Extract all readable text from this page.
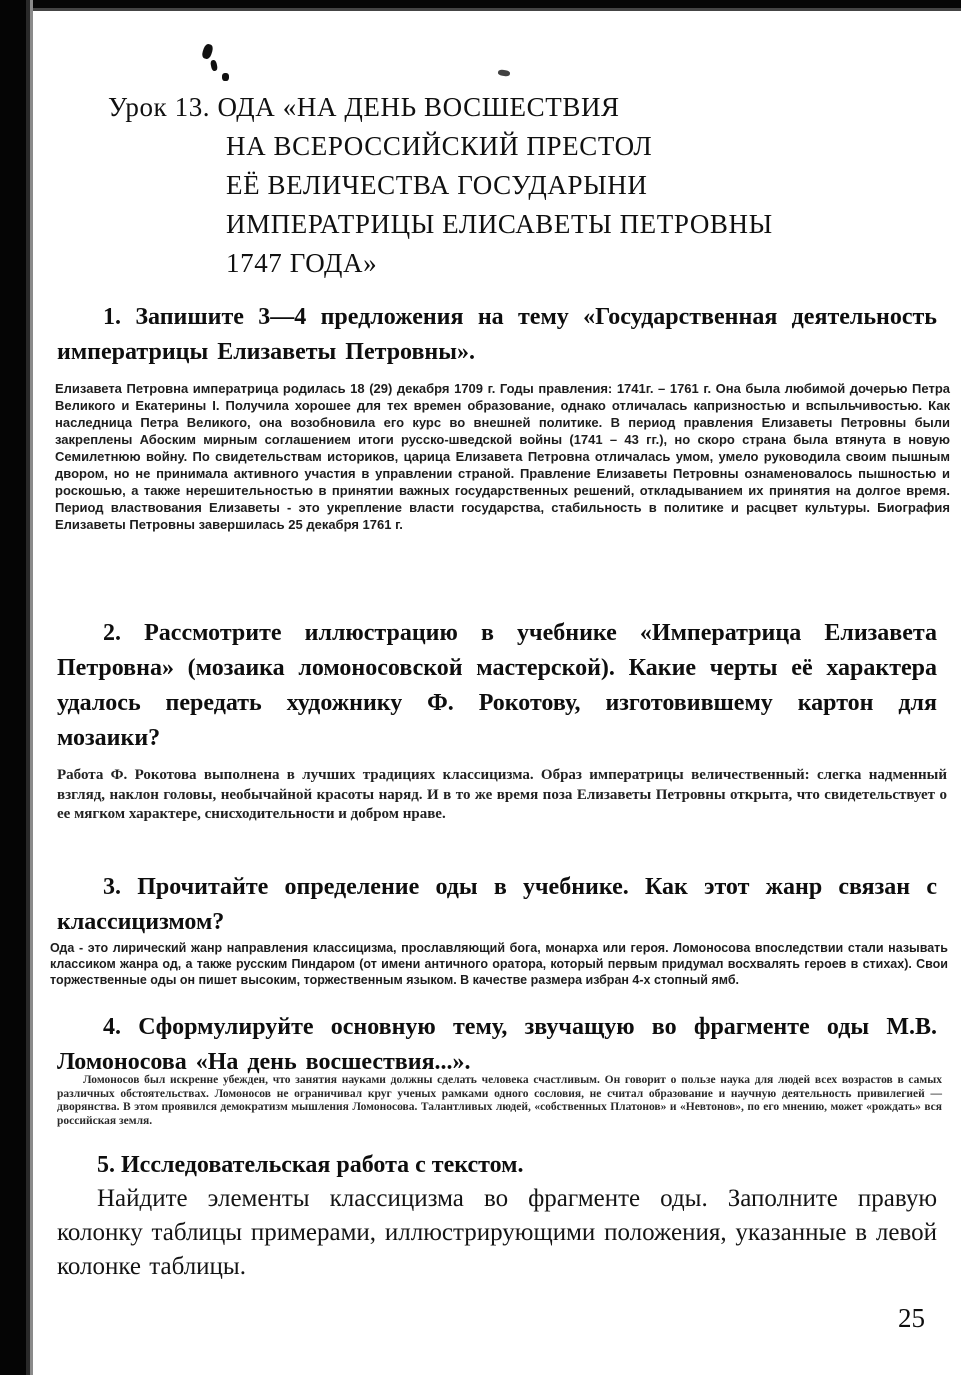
Урок 13. ОДА «НА ДЕНЬ ВОСШЕСТВИЯ
НА ВСЕРОССИЙСКИЙ ПРЕСТОЛ
ЕЁ ВЕЛИЧЕСТВА ГОСУДАРЫНИ
ИМПЕРАТРИЦЫ ЕЛИСАВЕТЫ ПЕТРОВНЫ
1747 ГОДА»

1. Запишите 3—4 предложения на тему «Государственная деятельность императрицы Елизаветы Петровны».

Елизавета Петровна императрица родилась 18 (29) декабря 1709 г. Годы правления: 1741г. – 1761 г. Она была любимой дочерью Петра Великого и Екатерины I. Получила хорошее для тех времен образование, однако отличалась капризностью и вспыльчивостью. Как наследница Петра Великого, она возобновила его курс во внешней политике. В период правления Елизаветы Петровны были закреплены Абоским мирным соглашением итоги русско-шведской войны (1741 – 43 гг.), но скоро страна была втянута в новую Семилетнюю войну. По свидетельствам историков, царица Елизавета Петровна отличалась умом, умело руководила своим пышным двором, но не принимала активного участия в управлении страной. Правление Елизаветы Петровны ознаменовалось пышностью и роскошью, а также нерешительностью в принятии важных государственных решений, откладыванием их принятия на долгое время. Период властвования Елизаветы - это укрепление власти государства, стабильность в политике и расцвет культуры. Биография Елизаветы Петровны завершилась 25 декабря 1761 г.

2. Рассмотрите иллюстрацию в учебнике «Императрица Елизавета Петровна» (мозаика ломоносовской мастерской). Какие черты её характера удалось передать художнику Ф. Рокотову, изготовившему картон для мозаики?

Работа Ф. Рокотова выполнена в лучших традициях классицизма. Образ императрицы величественный: слегка надменный взгляд, наклон головы, необычайной красоты наряд. И в то же время поза Елизаветы Петровны открыта, что свидетельствует о ее мягком характере, снисходительности и добром нраве.

3. Прочитайте определение оды в учебнике. Как этот жанр связан с классицизмом?

Ода - это лирический жанр направления классицизма, прославляющий бога, монарха или героя. Ломоносова впоследствии стали называть классиком жанра од, а также русским Пиндаром (от имени античного оратора, который первым придумал восхвалять героев в стихах). Свои торжественные оды он пишет высоким, торжественным языком. В качестве размера избран 4-х стопный ямб.

4. Сформулируйте основную тему, звучащую во фрагменте оды М.В. Ломоносова «На день восшествия...».

Ломоносов был искренне убежден, что занятия науками должны сделать человека счастливым. Он говорит о пользе наука для людей всех возрастов в самых различных обстоятельствах. Ломоносов не ограничивал круг ученых рамками одного сословия, не считал образование и научную деятельность привилегией —дворянства. В этом проявился демократизм мышления Ломоносова. Талантливых людей, «собственных Платонов» и «Невтонов», по его мнению, может «рождать» вся российская земля.

5. Исследовательская работа с текстом.

Найдите элементы классицизма во фрагменте оды. Заполните правую колонку таблицы примерами, иллюстрирующими положения, указанные в левой колонке таблицы.

25
